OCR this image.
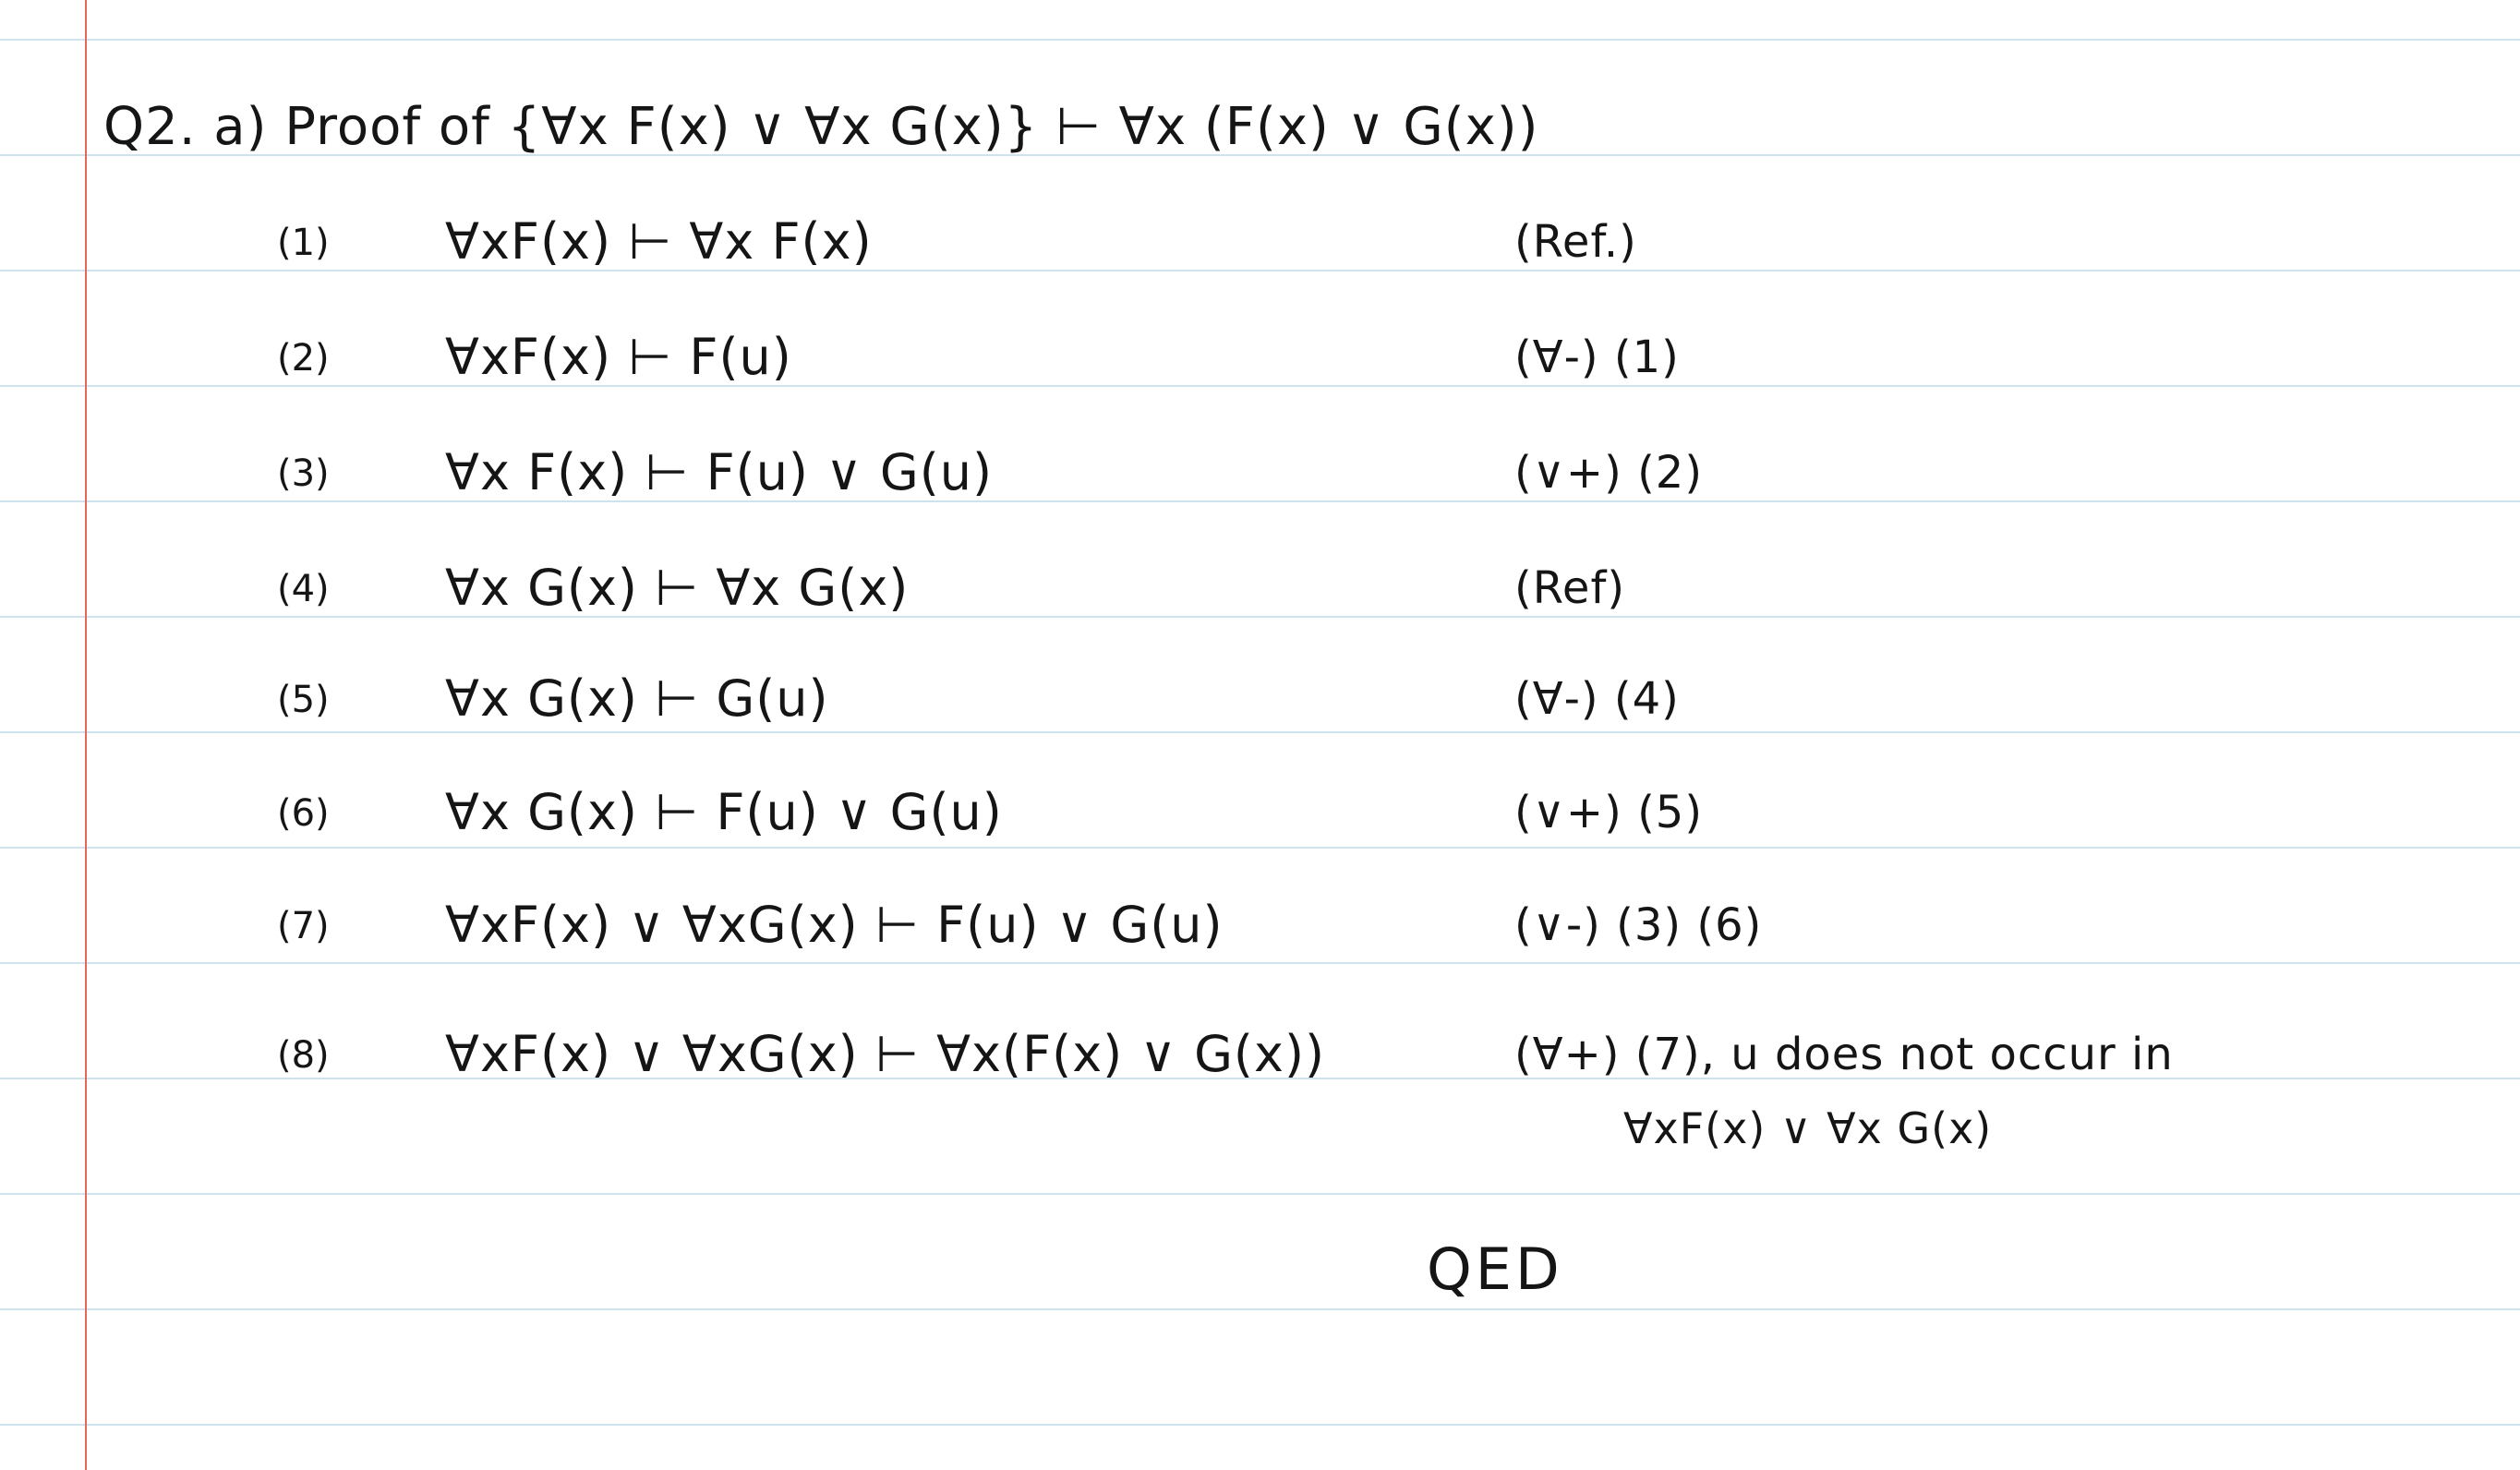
Q2. a) Proof of {∀x F(x) ∨ ∀x G(x)} ⊢ ∀x (F(x) ∨ G(x))
(1) ∀xF(x) ⊢ ∀x F(x)	(Ref.)
(2) ∀xF(x) ⊢ F(u)	(∀-) (1)
(3) ∀x F(x) ⊢ F(u) ∨ G(u)	(∨+) (2)
(4) ∀x G(x) ⊢ ∀x G(x)	(Ref)
(5) ∀x G(x) ⊢ G(u)	(∀-) (4)
(6) ∀x G(x) ⊢ F(u) ∨ G(u)	(∨+) (5)
(7) ∀xF(x) ∨ ∀xG(x) ⊢ F(u) ∨ G(u)	(∨-) (3) (6)
(8) ∀xF(x) ∨ ∀xG(x) ⊢ ∀x(F(x) ∨ G(x))	(∀+) (7), u does not occur in
∀xF(x) ∨ ∀x G(x)
QED
